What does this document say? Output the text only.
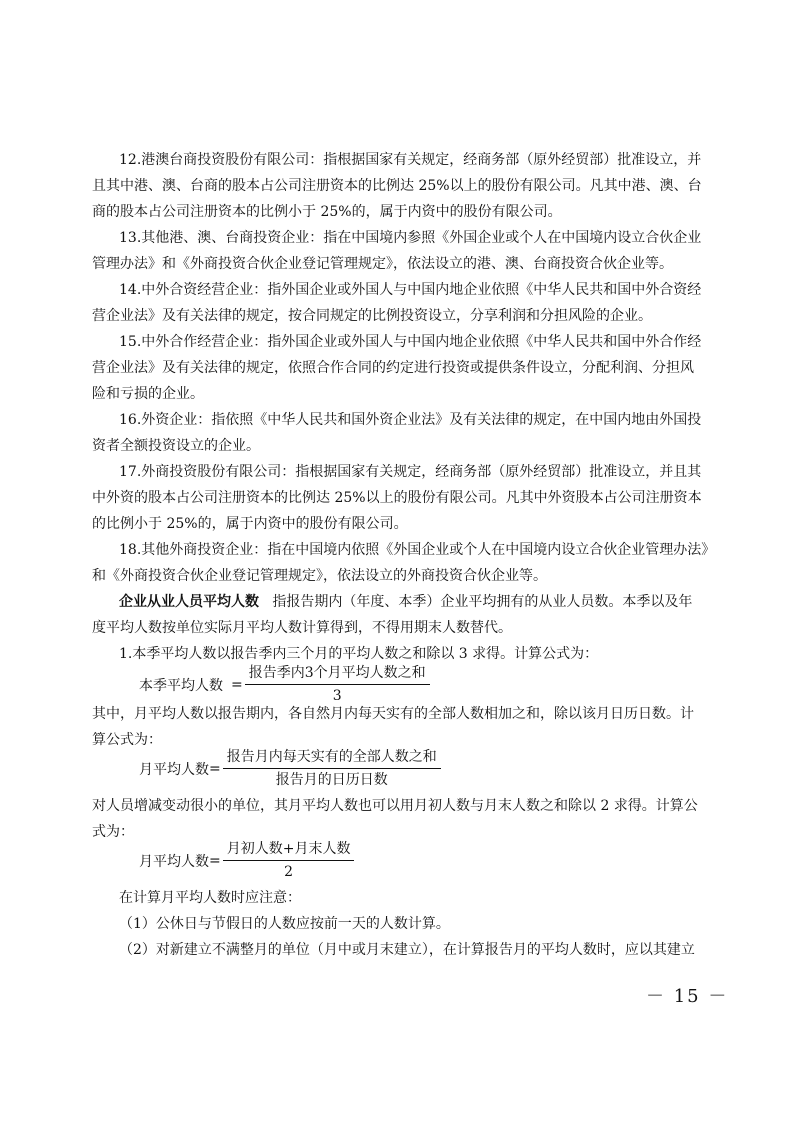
12.港澳台商投资股份有限公司：指根据国家有关规定，经商务部（原外经贸部）批准设立，并
且其中港、澳、台商的股本占公司注册资本的比例达 25%以上的股份有限公司。凡其中港、澳、台
商的股本占公司注册资本的比例小于 25%的，属于内资中的股份有限公司。
13.其他港、澳、台商投资企业：指在中国境内参照《外国企业或个人在中国境内设立合伙企业
管理办法》和《外商投资合伙企业登记管理规定》，依法设立的港、澳、台商投资合伙企业等。
14.中外合资经营企业：指外国企业或外国人与中国内地企业依照《中华人民共和国中外合资经
营企业法》及有关法律的规定，按合同规定的比例投资设立，分享利润和分担风险的企业。
15.中外合作经营企业：指外国企业或外国人与中国内地企业依照《中华人民共和国中外合作经
营企业法》及有关法律的规定，依照合作合同的约定进行投资或提供条件设立，分配利润、分担风
险和亏损的企业。
16.外资企业：指依照《中华人民共和国外资企业法》及有关法律的规定，在中国内地由外国投
资者全额投资设立的企业。
17.外商投资股份有限公司：指根据国家有关规定，经商务部（原外经贸部）批准设立，并且其
中外资的股本占公司注册资本的比例达 25%以上的股份有限公司。凡其中外资股本占公司注册资本
的比例小于 25%的，属于内资中的股份有限公司。
18.其他外商投资企业：指在中国境内依照《外国企业或个人在中国境内设立合伙企业管理办法》
和《外商投资合伙企业登记管理规定》，依法设立的外商投资合伙企业等。
企业从业人员平均人数 指报告期内（年度、本季）企业平均拥有的从业人员数。本季以及年
度平均人数按单位实际月平均人数计算得到，不得用期末人数替代。
1.本季平均人数以报告季内三个月的平均人数之和除以 3 求得。计算公式为：
本季平均人数 = $\frac{\text{报告季内3个月平均人数之和}}{3}$
其中，月平均人数以报告期内，各自然月内每天实有的全部人数相加之和，除以该月日历日数。计
算公式为：
月平均人数 = $\frac{\text{报告月内每天实有的全部人数之和}}{\text{报告月的日历日数}}$
对人员增减变动很小的单位，其月平均人数也可以用月初人数与月末人数之和除以 2 求得。计算公
式为：
月平均人数 = $\frac{\text{月初人数+月末人数}}{2}$
在计算月平均人数时应注意：
（1）公休日与节假日的人数应按前一天的人数计算。
（2）对新建立不满整月的单位（月中或月末建立），在计算报告月的平均人数时，应以其建立
－ 15 －
